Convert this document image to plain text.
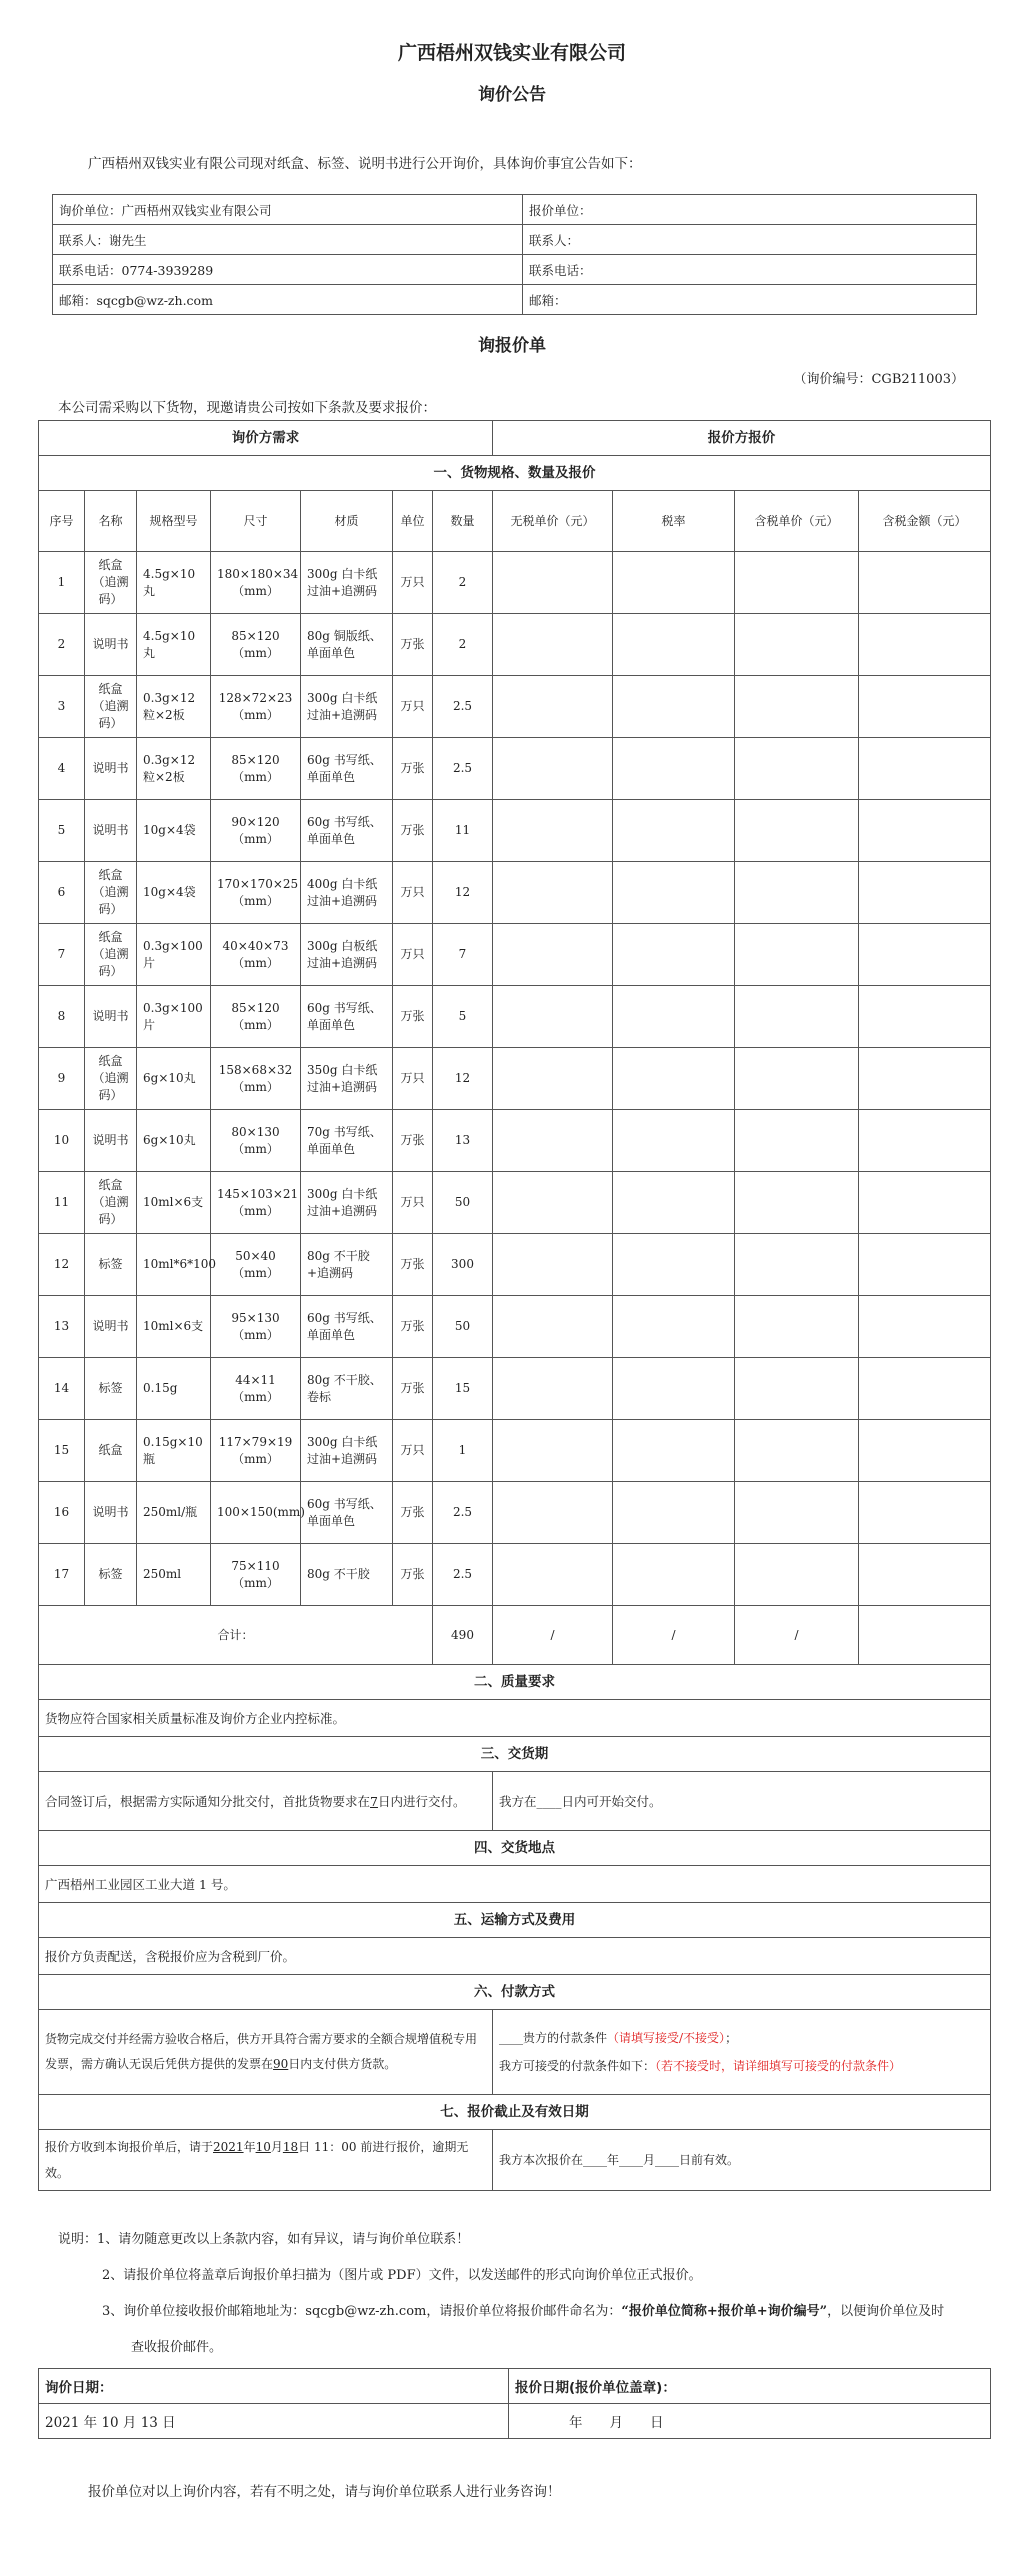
广西梧州双钱实业有限公司
询价公告
广西梧州双钱实业有限公司现对纸盒、标签、说明书进行公开询价，具体询价事宜公告如下：
询价单位：广西梧州双钱实业有限公司	报价单位：
联系人：谢先生	联系人：
联系电话：0774-3939289	联系电话：
邮箱：sqcgb@wz-zh.com	邮箱：
询报价单
（询价编号：CGB211003）
本公司需采购以下货物，现邀请贵公司按如下条款及要求报价：
询价方需求							报价方报价			
一、货物规格、数量及报价										
序号	名称	规格型号	尺寸	材质	单位	数量	无税单价（元）	税率	含税单价（元）	含税金额（元）
1	纸盒（追溯码）	4.5g×10丸	180×180×34（mm）	300g 白卡纸过油+追溯码	万只	2				
2	说明书	4.5g×10丸	85×120（mm）	80g 铜版纸、单面单色	万张	2				
3	纸盒（追溯码）	0.3g×12粒×2板	128×72×23（mm）	300g 白卡纸过油+追溯码	万只	2.5				
4	说明书	0.3g×12粒×2板	85×120（mm）	60g 书写纸、单面单色	万张	2.5				
5	说明书	10g×4袋	90×120（mm）	60g 书写纸、单面单色	万张	11				
6	纸盒（追溯码）	10g×4袋	170×170×25（mm）	400g 白卡纸过油+追溯码	万只	12				
7	纸盒（追溯码）	0.3g×100片	40×40×73（mm）	300g 白板纸过油+追溯码	万只	7				
8	说明书	0.3g×100片	85×120（mm）	60g 书写纸、单面单色	万张	5				
9	纸盒（追溯码）	6g×10丸	158×68×32（mm）	350g 白卡纸过油+追溯码	万只	12				
10	说明书	6g×10丸	80×130（mm）	70g 书写纸、单面单色	万张	13				
11	纸盒（追溯码）	10ml×6支	145×103×21（mm）	300g 白卡纸过油+追溯码	万只	50				
12	标签	10ml*6*100	50×40（mm）	80g 不干胶+追溯码	万张	300				
13	说明书	10ml×6支	95×130（mm）	60g 书写纸、单面单色	万张	50				
14	标签	0.15g	44×11（mm）	80g 不干胶、卷标	万张	15				
15	纸盒	0.15g×10瓶	117×79×19（mm）	300g 白卡纸过油+追溯码	万只	1				
16	说明书	250ml/瓶	100×150(mm)	60g 书写纸、单面单色	万张	2.5				
17	标签	250ml	75×110（mm）	80g 不干胶	万张	2.5				
合计：						490	/	/	/	
二、质量要求										
货物应符合国家相关质量标准及询价方企业内控标准。										
三、交货期										
合同签订后，根据需方实际通知分批交付，首批货物要求在7日内进行交付。							我方在____日内可开始交付。			
四、交货地点										
广西梧州工业园区工业大道 1 号。										
五、运输方式及费用										
报价方负责配送，含税报价应为含税到厂价。										
六、付款方式										
货物完成交付并经需方验收合格后，供方开具符合需方要求的全额合规增值税专用发票，需方确认无误后凭供方提供的发票在90日内支付供方货款。							____贵方的付款条件（请填写接受/不接受）；
我方可接受的付款条件如下：（若不接受时，请详细填写可接受的付款条件）			

七、报价截止及有效日期										
报价方收到本询报价单后，请于2021年10月18日 11：00 前进行报价，逾期无效。							我方本次报价在____年____月____日前有效。			
说明：1、请勿随意更改以上条款内容，如有异议，请与询价单位联系！
2、请报价单位将盖章后询报价单扫描为（图片或 PDF）文件，以发送邮件的形式向询价单位正式报价。
3、询价单位接收报价邮箱地址为：sqcgb@wz-zh.com，请报价单位将报价邮件命名为：“报价单位简称+报价单+询价编号”，以便询价单位及时
查收报价邮件。
询价日期：	报价日期(报价单位盖章)：
2021 年 10 月 13 日	年　　月　　日
报价单位对以上询价内容，若有不明之处，请与询价单位联系人进行业务咨询！
